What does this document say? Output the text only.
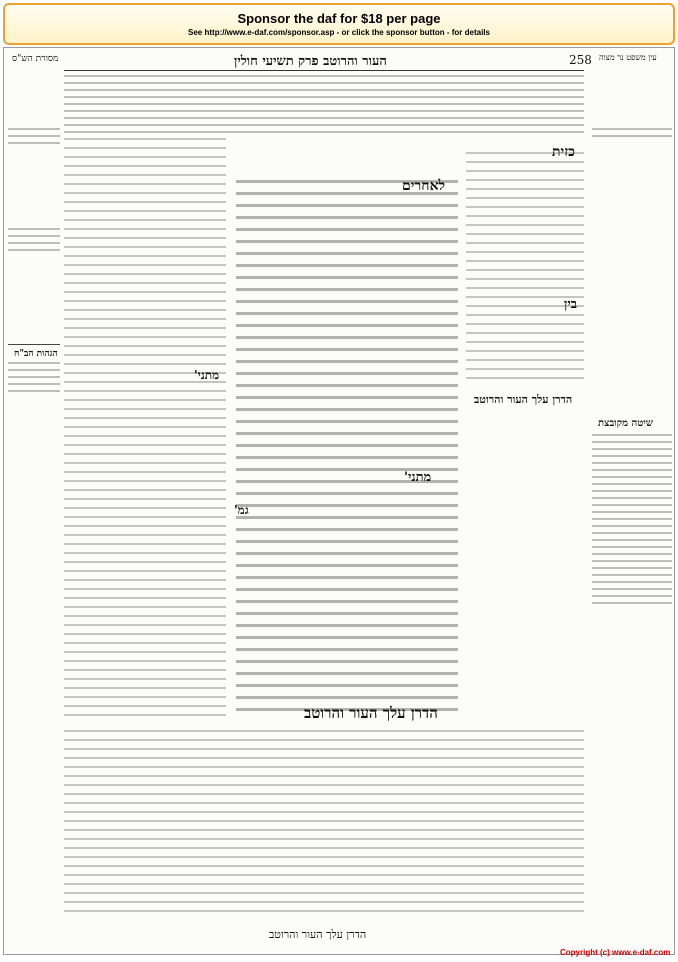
Sponsor the daf for $18 per page
See http://www.e-daf.com/sponsor.asp - or click the sponsor button - for details
העור והרוטב פרק תשיעי חולין	258
מסורת הש"ס	עין משפט נר מצוה
מתני'
לאחרים
מתני'
גמ'
כזית
בין
הדרן עלך העור והרוטב
שיטה מקובצת
הגהות הב"ח
הדרן עלך העור והרוטב
הדרן עלך העור והרוטב
Copyright (c) www.e-daf.com
